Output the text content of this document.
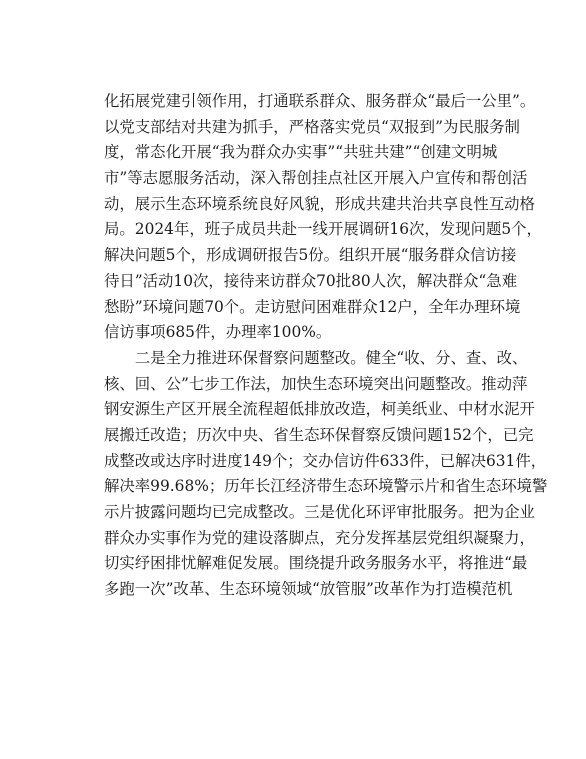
化拓展党建引领作用，打通联系群众、服务群众“最后一公里”。
以党支部结对共建为抓手，严格落实党员“双报到”为民服务制
度，常态化开展“我为群众办实事”“共驻共建”“创建文明城
市”等志愿服务活动，深入帮创挂点社区开展入户宣传和帮创活
动，展示生态环境系统良好风貌，形成共建共治共享良性互动格
局。2024年，班子成员共赴一线开展调研16次，发现问题5个，
解决问题5个，形成调研报告5份。组织开展“服务群众信访接
待日”活动10次，接待来访群众70批80人次，解决群众“急难
愁盼”环境问题70个。走访慰问困难群众12户，全年办理环境
信访事项685件，办理率100%。
　　二是全力推进环保督察问题整改。健全“收、分、查、改、
核、回、公”七步工作法，加快生态环境突出问题整改。推动萍
钢安源生产区开展全流程超低排放改造，柯美纸业、中材水泥开
展搬迁改造；历次中央、省生态环保督察反馈问题152个，已完
成整改或达序时进度149个；交办信访件633件，已解决631件，
解决率99.68%；历年长江经济带生态环境警示片和省生态环境警
示片披露问题均已完成整改。三是优化环评审批服务。把为企业
群众办实事作为党的建设落脚点，充分发挥基层党组织凝聚力，
切实纾困排忧解难促发展。围绕提升政务服务水平，将推进“最
多跑一次”改革、生态环境领域“放管服”改革作为打造模范机
